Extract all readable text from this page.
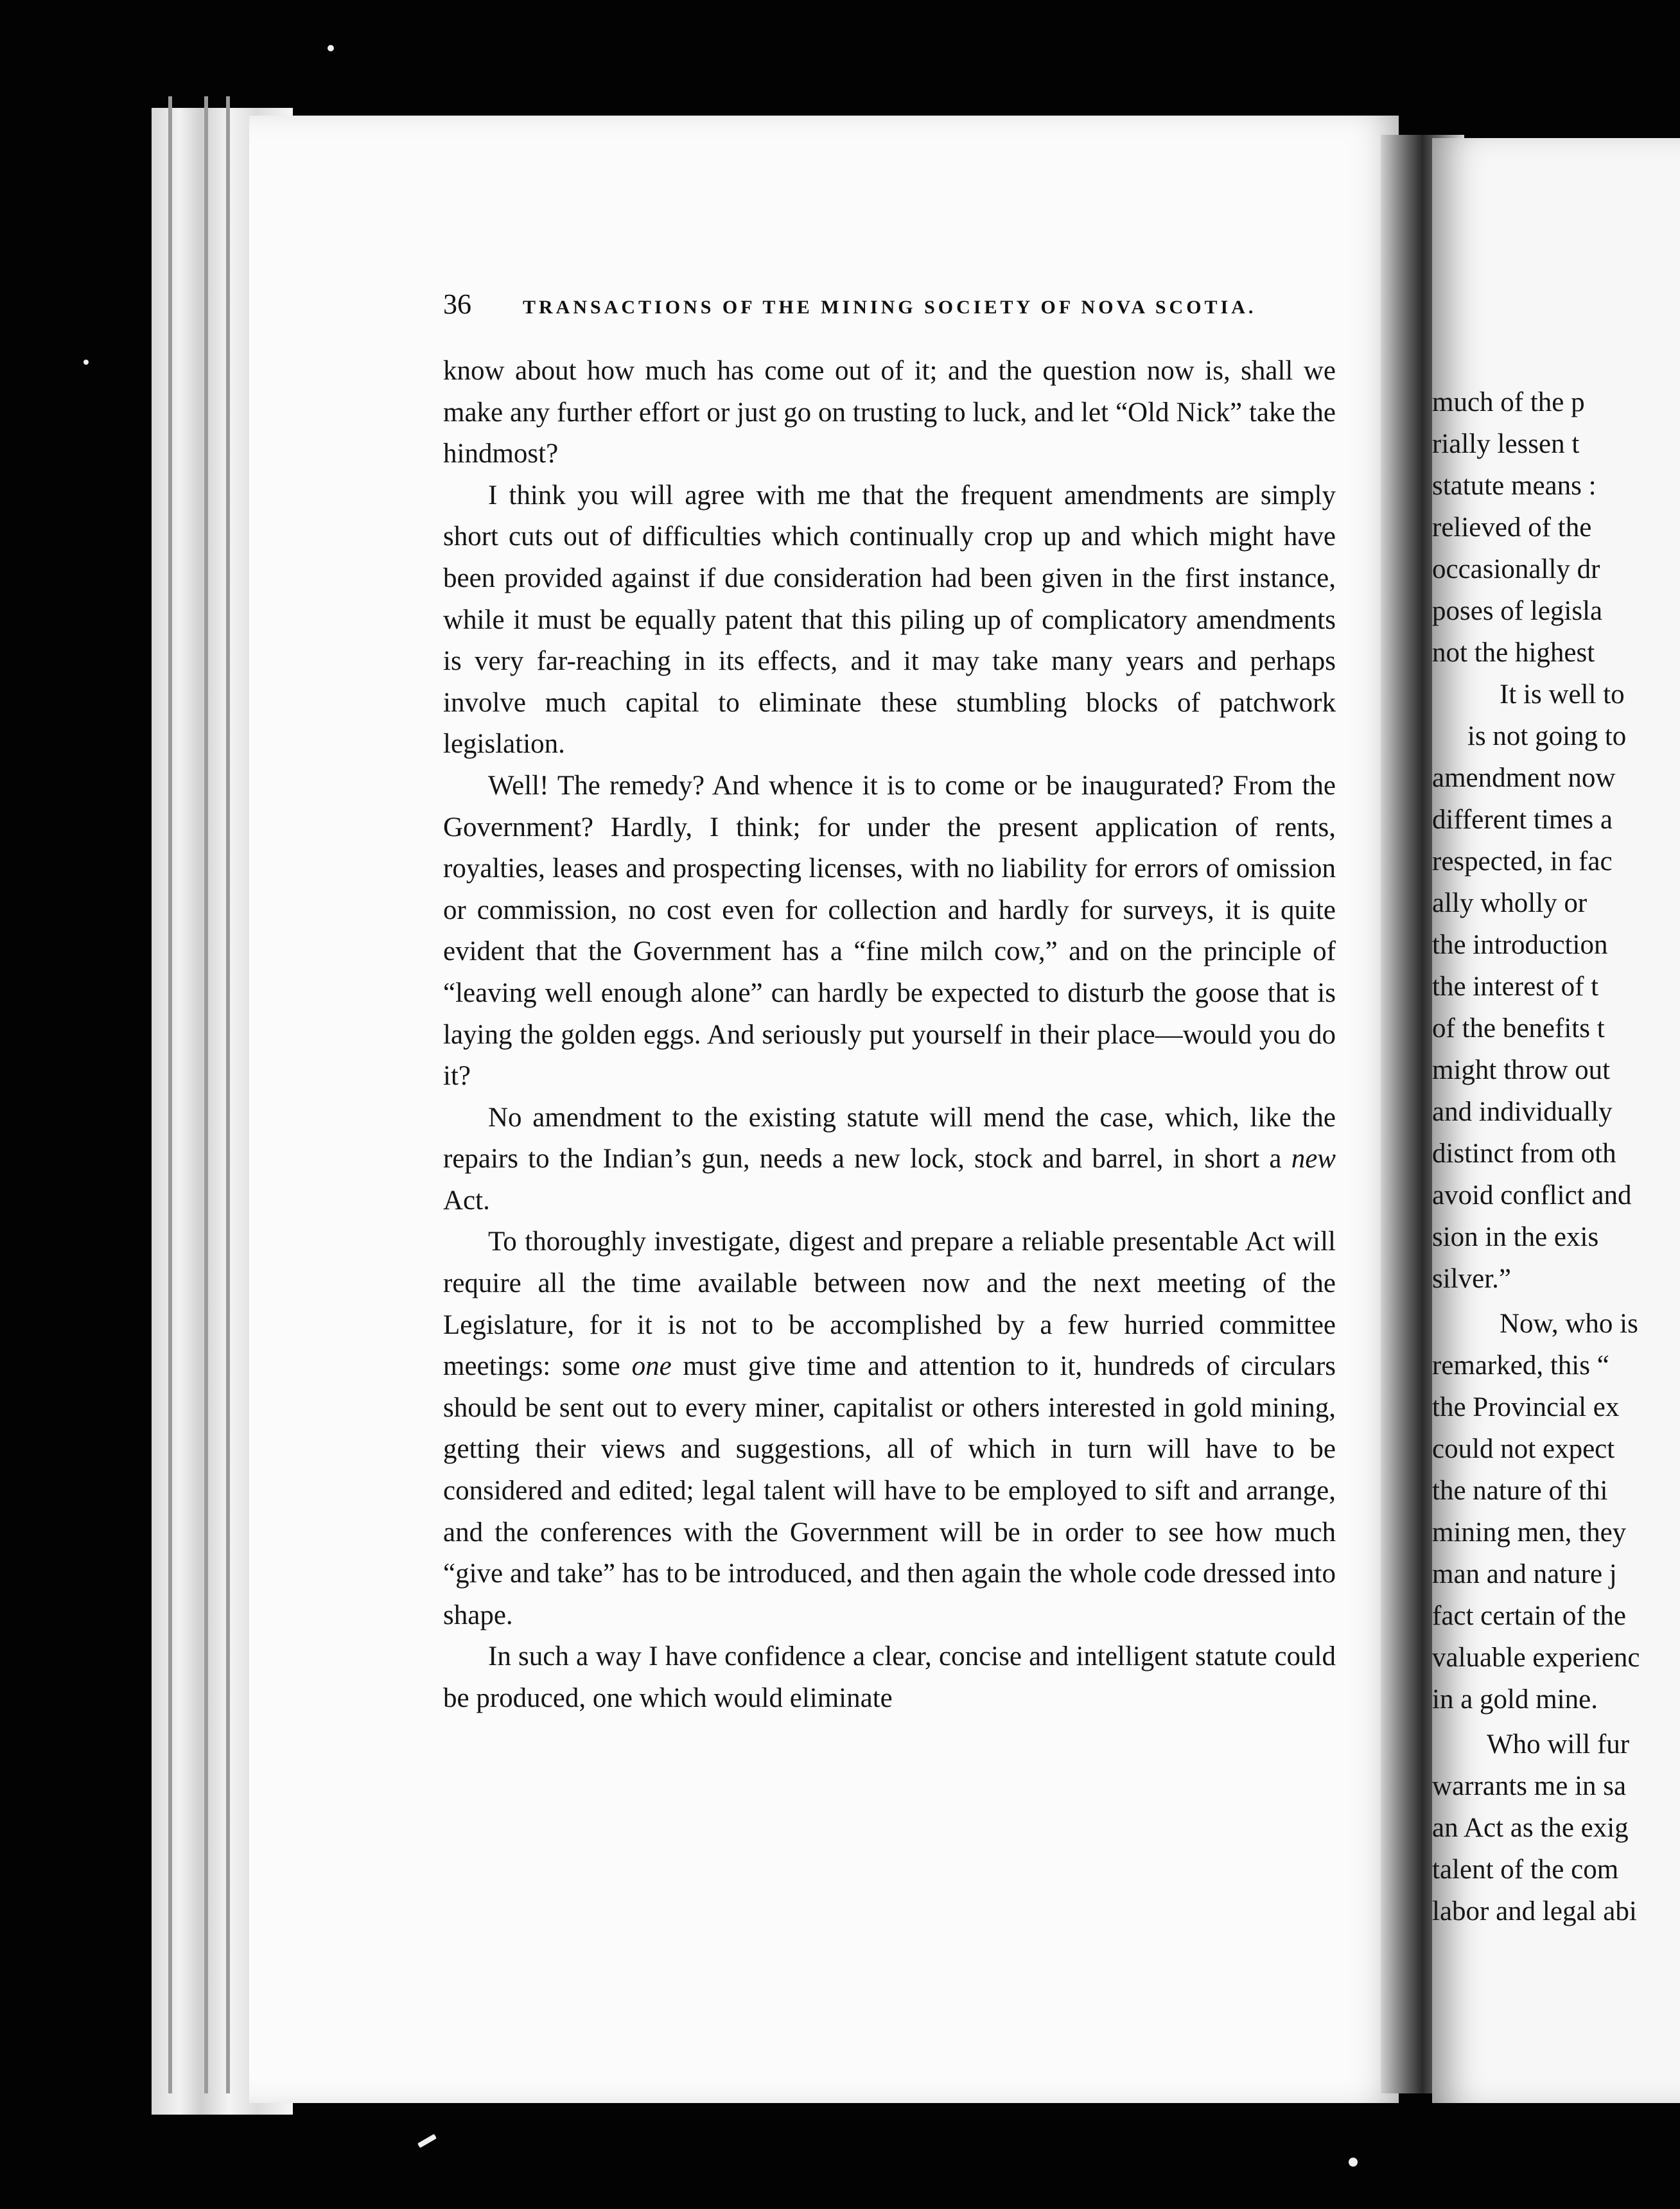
much of the p
rially lessen t
statute means :
relieved of the
occasionally dr
poses of legisla
not the highest
It is well to
is not going to
amendment now
different times a
respected, in fac
ally wholly or
the introduction
the interest of t
of the benefits t
might throw out
and individually
distinct from oth
avoid conflict and
sion in the exis
silver.”
Now, who is
remarked, this “
the Provincial ex
could not expect
the nature of thi
mining men, they
man and nature j
fact certain of the
valuable experienc
in a gold mine.
Who will fur
warrants me in sa
an Act as the exig
talent of the com
labor and legal abi
36	TRANSACTIONS OF THE MINING SOCIETY OF NOVA SCOTIA.

know about how much has come out of it; and the question now is, shall we make any further effort or just go on trusting to luck, and let “Old Nick” take the hindmost?

I think you will agree with me that the frequent amendments are simply short cuts out of difficulties which continually crop up and which might have been provided against if due consideration had been given in the first instance, while it must be equally patent that this piling up of complicatory amendments is very far-reaching in its effects, and it may take many years and perhaps involve much capital to eliminate these stumbling blocks of patchwork legislation.

Well! The remedy? And whence it is to come or be inaugurated? From the Government? Hardly, I think; for under the present application of rents, royalties, leases and prospecting licenses, with no liability for errors of omission or commission, no cost even for collection and hardly for surveys, it is quite evident that the Government has a “fine milch cow,” and on the principle of “leaving well enough alone” can hardly be expected to disturb the goose that is laying the golden eggs. And seriously put yourself in their place—would you do it?

No amendment to the existing statute will mend the case, which, like the repairs to the Indian’s gun, needs a new lock, stock and barrel, in short a new Act.

To thoroughly investigate, digest and prepare a reliable presentable Act will require all the time available between now and the next meeting of the Legislature, for it is not to be accomplished by a few hurried committee meetings: some one must give time and attention to it, hundreds of circulars should be sent out to every miner, capitalist or others interested in gold mining, getting their views and suggestions, all of which in turn will have to be considered and edited; legal talent will have to be employed to sift and arrange, and the conferences with the Government will be in order to see how much “give and take” has to be introduced, and then again the whole code dressed into shape.

In such a way I have confidence a clear, concise and intelligent statute could be produced, one which would eliminate
